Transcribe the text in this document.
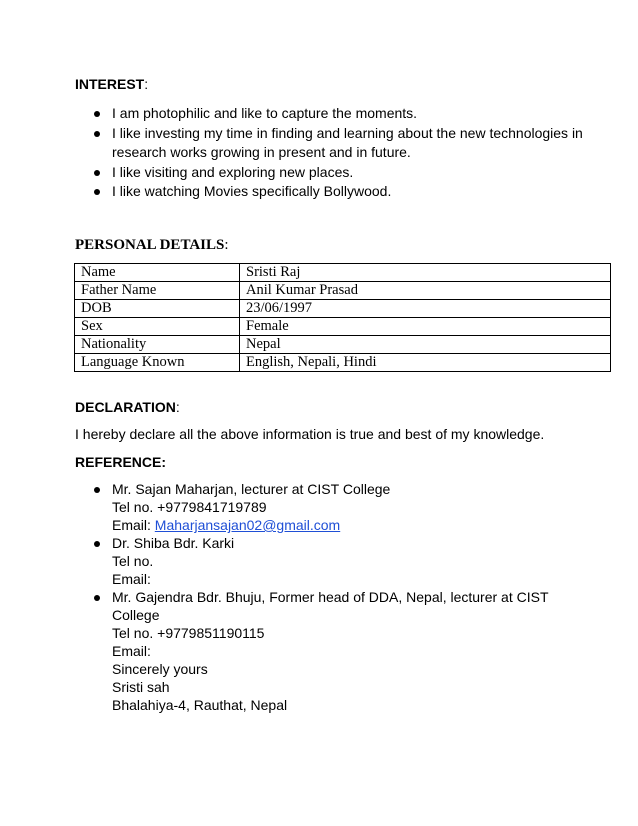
INTEREST:
I am photophilic and like to capture the moments.
I like investing my time in finding and learning about the new technologies in research works growing in present and in future.
I like visiting and exploring new places.
I like watching Movies specifically Bollywood.
PERSONAL DETAILS:
Name	Sristi Raj
Father Name	Anil Kumar Prasad
DOB	23/06/1997
Sex	Female
Nationality	Nepal
Language Known	English, Nepali, Hindi
DECLARATION:
I hereby declare all the above information is true and best of my knowledge.
REFERENCE:
Mr. Sajan Maharjan, lecturer at CIST College
Tel no. +9779841719789
Email: Maharjansajan02@gmail.com
Dr. Shiba Bdr. Karki
Tel no.
Email:
Mr. Gajendra Bdr. Bhuju, Former head of DDA, Nepal, lecturer at CIST College
Tel no. +9779851190115
Email:
Sincerely yours
Sristi sah
Bhalahiya-4, Rauthat, Nepal
